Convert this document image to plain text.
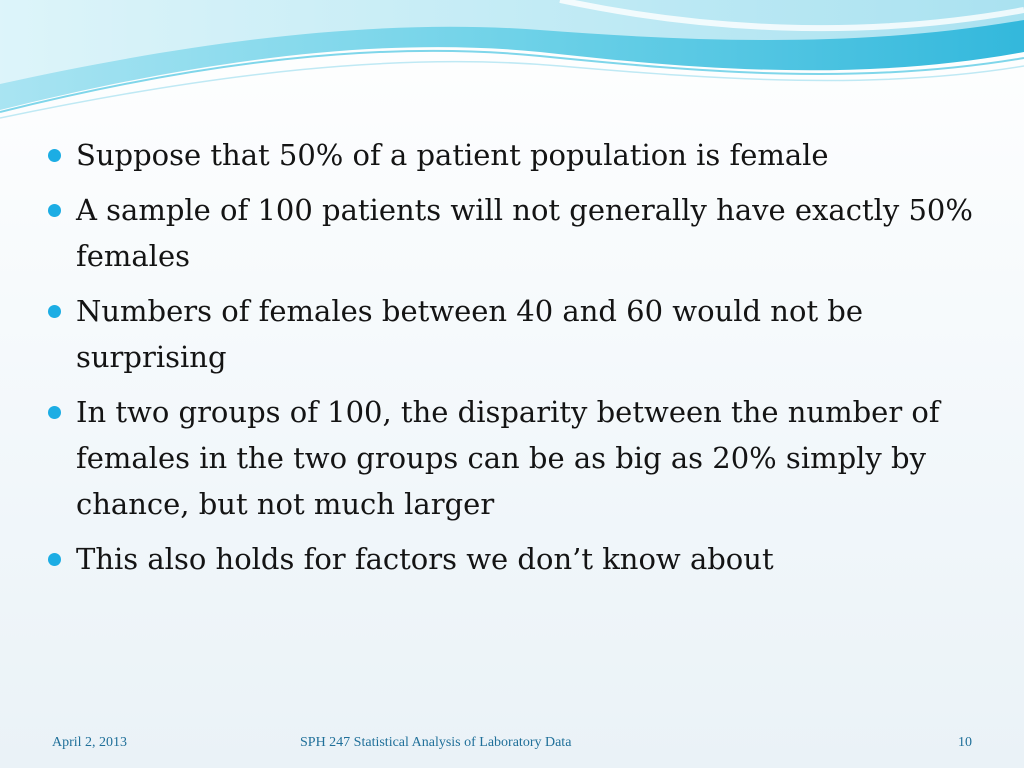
Suppose that 50% of a patient population is female
A sample of 100 patients will not generally have exactly 50% females
Numbers of females between 40 and 60 would not be surprising
In two groups of 100, the disparity between the number of females in the two groups can be as big as 20% simply by chance, but not much larger
This also holds for factors we don’t know about
April 2, 2013	SPH 247 Statistical Analysis of Laboratory Data	10
